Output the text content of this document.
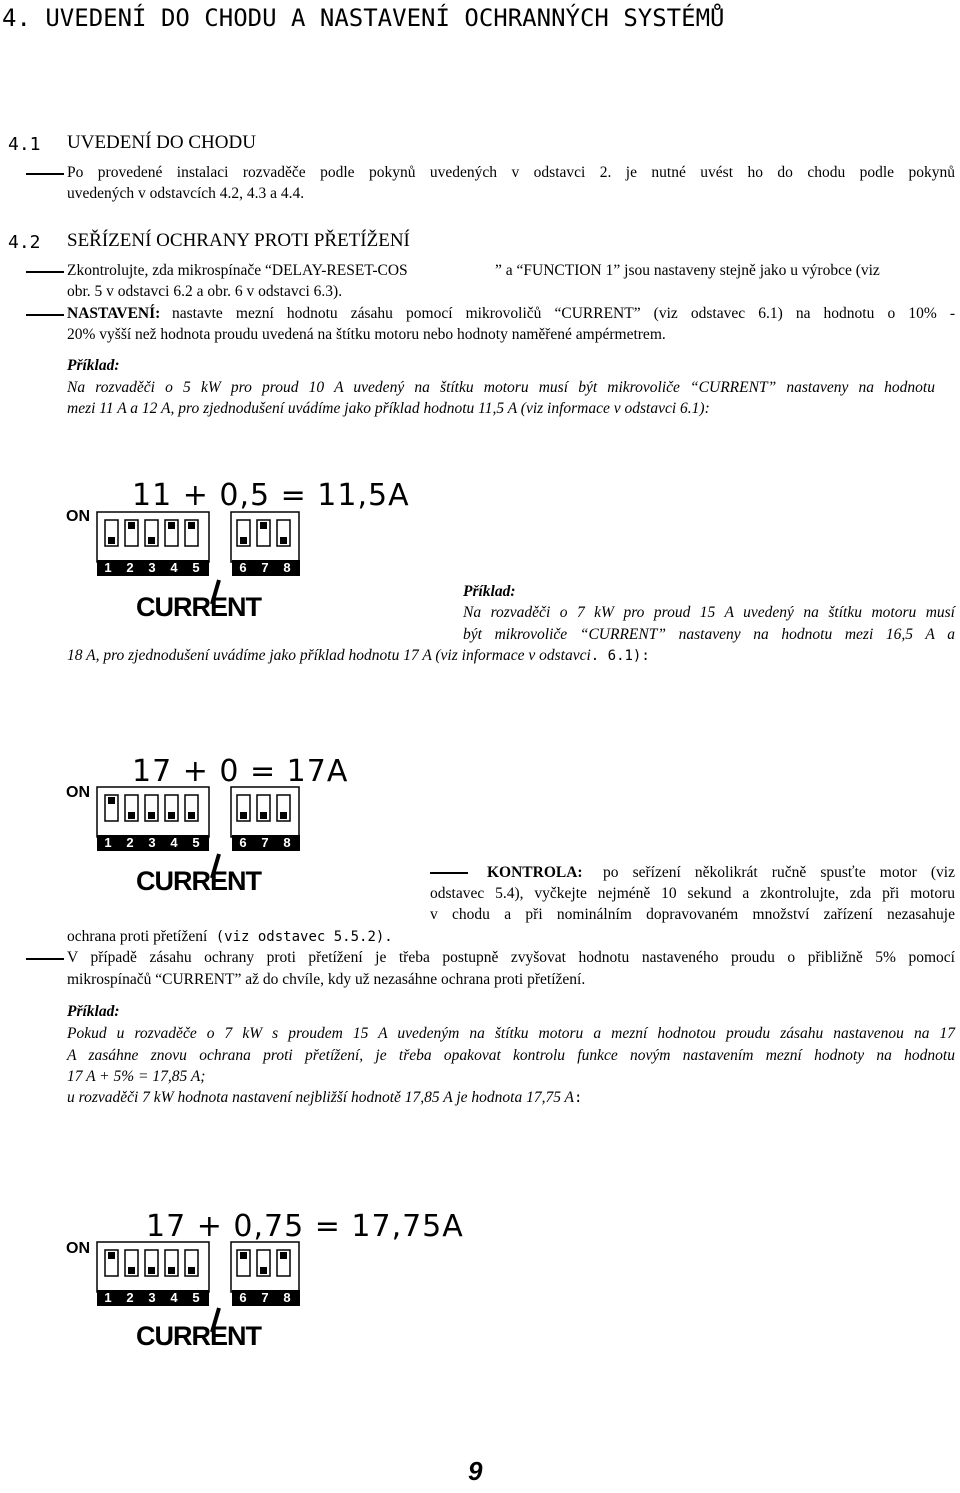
4. UVEDENÍ DO CHODU A NASTAVENÍ OCHRANNÝCH SYSTÉMŮ
4.1 UVEDENÍ DO CHODU
Po provedené instalaci rozvaděče podle pokynů uvedených v odstavci 2. je nutné uvést ho do chodu podle pokynů
uvedených v odstavcích 4.2, 4.3 a 4.4.
4.2 SEŘÍZENÍ OCHRANY PROTI PŘETÍŽENÍ
Zkontrolujte, zda mikrospínače “DELAY-RESET-COS	” a “FUNCTION 1” jsou nastaveny stejně jako u výrobce (viz
obr. 5 v odstavci 6.2 a obr. 6 v odstavci 6.3).
NASTAVENÍ: nastavte mezní hodnotu zásahu pomocí mikrovoličů “CURRENT” (viz odstavec 6.1) na hodnotu o 10% -
20% vyšší než hodnota proudu uvedená na štítku motoru nebo hodnoty naměřené ampérmetrem.
Příklad:
Na rozvaděči o 5 kW pro proud 10 A uvedený na štítku motoru musí být mikrovoliče “CURRENT” nastaveny na hodnotu
mezi 11 A a 12 A, pro zjednodušení uvádíme jako příklad hodnotu 11,5 A (viz informace v odstavci 6.1):
11 + 0,5 = 11,5A
ON
1 2 3 4 5	6 7 8
CURRENT
Příklad:
Na rozvaděči o 7 kW pro proud 15 A uvedený na štítku motoru musí
být mikrovoliče “CURRENT” nastaveny na hodnotu mezi 16,5 A a
18 A, pro zjednodušení uvádíme jako příklad hodnotu 17 A (viz informace v odstavci. 6.1):
17 + 0 = 17A
ON
1 2 3 4 5	6 7 8
CURRENT	KONTROLA: po seřízení několikrát ručně spusťte motor (viz
odstavec 5.4), vyčkejte nejméně 10 sekund a zkontrolujte, zda při motoru
v chodu a při nominálním dopravovaném množství zařízení nezasahuje
ochrana proti přetížení (viz odstavec 5.5.2).
V případě zásahu ochrany proti přetížení je třeba postupně zvyšovat hodnotu nastaveného proudu o přibližně 5% pomocí
mikrospínačů “CURRENT” až do chvíle, kdy už nezasáhne ochrana proti přetížení.
Příklad:
Pokud u rozvaděče o 7 kW s proudem 15 A uvedeným na štítku motoru a mezní hodnotou proudu zásahu nastavenou na 17
A zasáhne znovu ochrana proti přetížení, je třeba opakovat kontrolu funkce novým nastavením mezní hodnoty na hodnotu
17 A + 5% = 17,85 A;
u rozvaděči 7 kW hodnota nastavení nejbližší hodnotě 17,85 A je hodnota 17,75 A:
17 + 0,75 = 17,75A
ON
1 2 3 4 5	6 7 8
CURRENT
9
